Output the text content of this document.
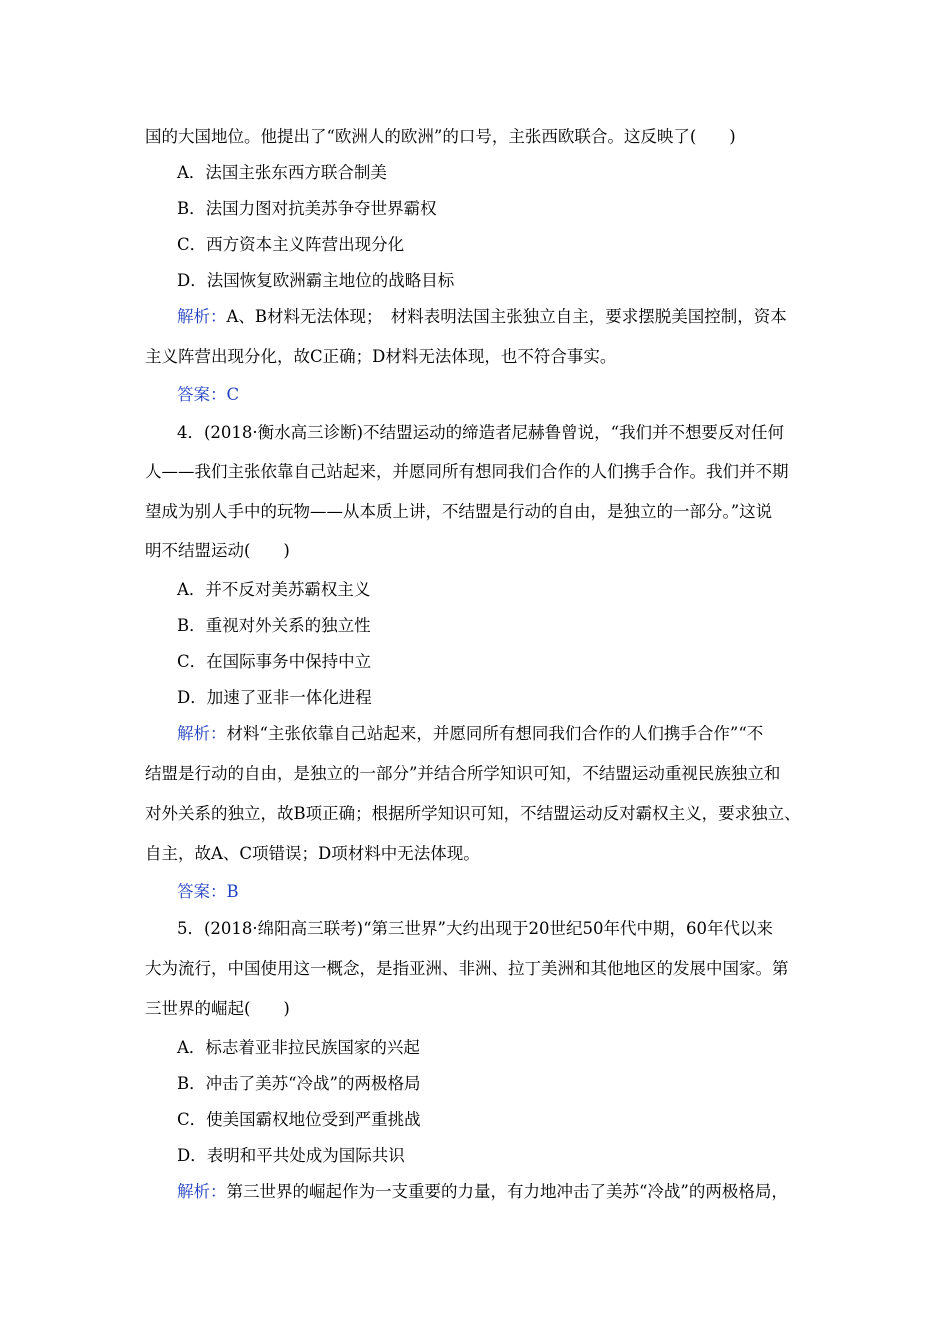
国的大国地位。他提出了“欧洲人的欧洲”的口号，主张西欧联合。这反映了(　　)
A．法国主张东西方联合制美
B．法国力图对抗美苏争夺世界霸权
C．西方资本主义阵营出现分化
D．法国恢复欧洲霸主地位的战略目标
解析：A、B材料无法体现；　材料表明法国主张独立自主，要求摆脱美国控制，资本
主义阵营出现分化，故C正确；D材料无法体现，也不符合事实。
答案：C
4．(2018·衡水高三诊断)不结盟运动的缔造者尼赫鲁曾说，“我们并不想要反对任何
人——我们主张依靠自己站起来，并愿同所有想同我们合作的人们携手合作。我们并不期
望成为别人手中的玩物——从本质上讲，不结盟是行动的自由，是独立的一部分。”这说
明不结盟运动(　　)
A．并不反对美苏霸权主义
B．重视对外关系的独立性
C．在国际事务中保持中立
D．加速了亚非一体化进程
解析：材料“主张依靠自己站起来，并愿同所有想同我们合作的人们携手合作”“不
结盟是行动的自由，是独立的一部分”并结合所学知识可知，不结盟运动重视民族独立和
对外关系的独立，故B项正确；根据所学知识可知，不结盟运动反对霸权主义，要求独立、
自主，故A、C项错误；D项材料中无法体现。
答案：B
5．(2018·绵阳高三联考)“第三世界”大约出现于20世纪50年代中期，60年代以来
大为流行，中国使用这一概念，是指亚洲、非洲、拉丁美洲和其他地区的发展中国家。第
三世界的崛起(　　)
A．标志着亚非拉民族国家的兴起
B．冲击了美苏“冷战”的两极格局
C．使美国霸权地位受到严重挑战
D．表明和平共处成为国际共识
解析：第三世界的崛起作为一支重要的力量，有力地冲击了美苏“冷战”的两极格局，
